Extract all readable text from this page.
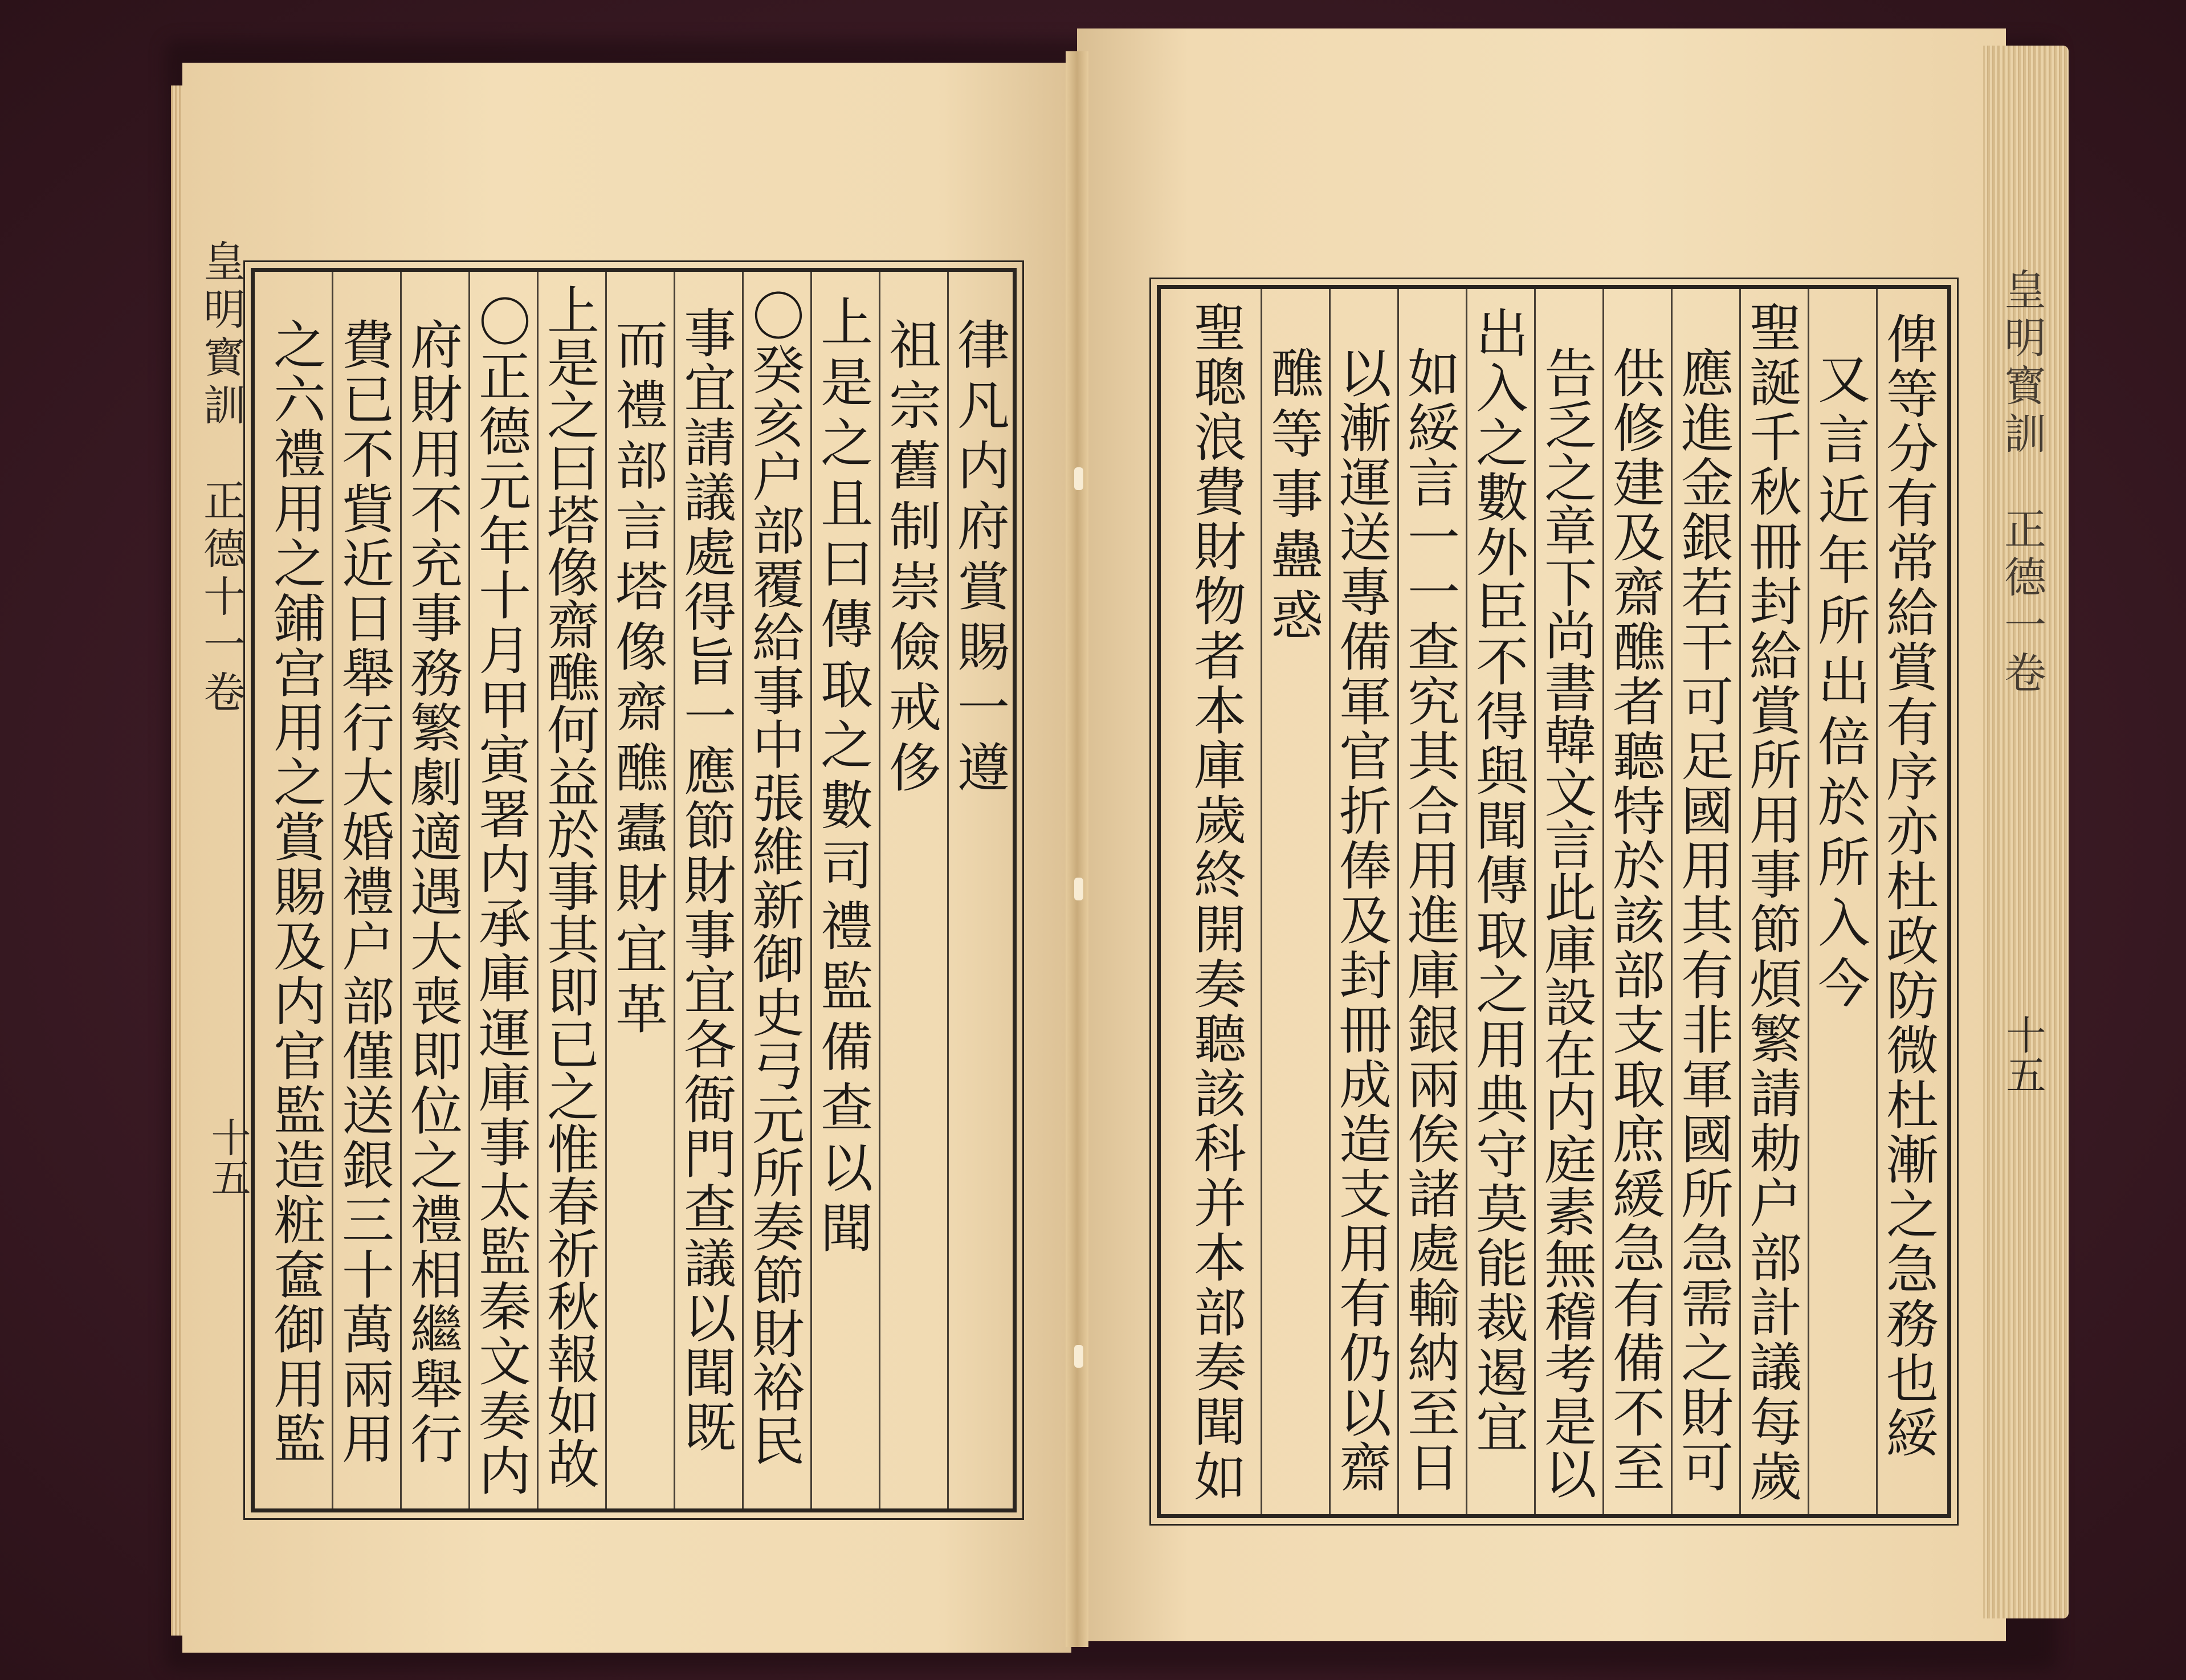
皇明寳訓　正德十一卷
十五
皇明寳訓　正德一卷
十五
律凡内府賞賜一遵
祖宗舊制崇儉戒侈
上是之且曰傳取之數司禮監備查以聞
〇癸亥户部覆給事中張維新御史弓元所奏節財裕民
事宜請議處得旨一應節財事宜各衙門查議以聞既
而禮部言塔像齋醮蠹財宜革
上是之曰塔像齋醮何益於事其即已之惟春祈秋報如故
〇正德元年十月甲寅署内承庫運庫事太監秦文奏内
府財用不充事務繁劇適遇大喪即位之禮相繼舉行
費已不貲近日舉行大婚禮户部僅送銀三十萬兩用
之六禮用之鋪宫用之賞賜及内官監造粧奩御用監	俾等分有常給賞有序亦杜政防微杜漸之急務也綏
又言近年所出倍於所入今
聖誕千秋冊封給賞所用事節煩繁請勅户部計議每歲
應進金銀若干可足國用其有非軍國所急需之財可
供修建及齋醮者聽特於該部支取庶緩急有備不至
告乏之章下尚書韓文言此庫設在内庭素無稽考是以
出入之數外臣不得與聞傳取之用典守莫能裁遏宜
如綏言一一查究其合用進庫銀兩俟諸處輸納至日
以漸運送專備軍官折俸及封冊成造支用有仍以齋
醮等事蠱惑
聖聰浪費財物者本庫歲終開奏聽該科并本部奏聞如
